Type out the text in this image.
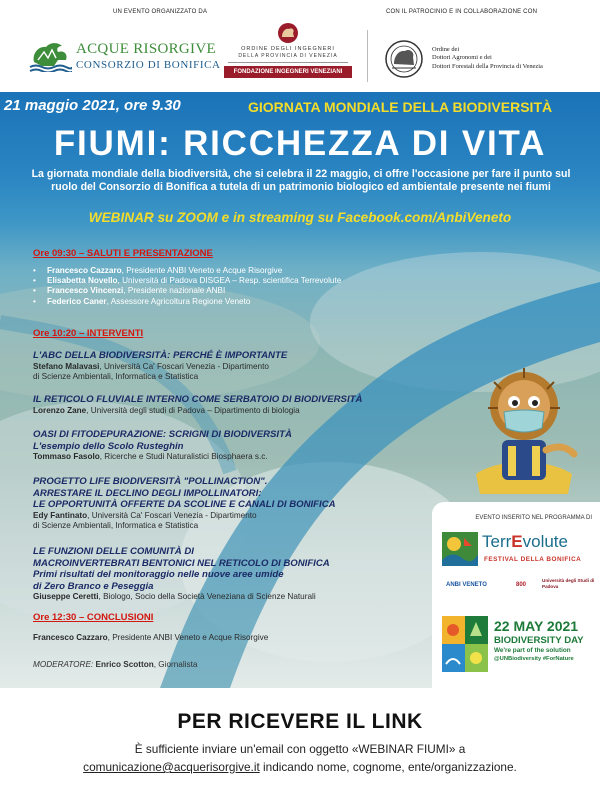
UN EVENTO ORGANIZZATO DA	CON IL PATROCINIO E IN COLLABORAZIONE CON
ACQUE RISORGIVE
CONSORZIO DI BONIFICA
ORDINE DEGLI INGEGNERI
DELLA PROVINCIA DI VENEZIA
FONDAZIONE INGEGNERI VENEZIANI
Ordine dei
Dottori Agronomi e dei
Dottori Forestali della Provincia di Venezia
21 maggio 2021, ore 9.30	GIORNATA MONDIALE DELLA BIODIVERSITÀ
FIUMI: RICCHEZZA DI VITA
La giornata mondiale della biodiversità, che si celebra il 22 maggio, ci offre l'occasione per fare il punto sul ruolo del Consorzio di Bonifica a tutela di un patrimonio biologico ed ambientale presente nei fiumi
WEBINAR su ZOOM e in streaming su Facebook.com/AnbiVeneto
Ore 09:30 – SALUTI E PRESENTAZIONE
• Francesco Cazzaro, Presidente ANBI Veneto e Acque Risorgive
• Elisabetta Novello, Università di Padova DISGEA – Resp. scientifica Terrevolute
• Francesco Vincenzi, Presidente nazionale ANBI
• Federico Caner, Assessore Agricoltura Regione Veneto
Ore 10:20 – INTERVENTI
L'ABC DELLA BIODIVERSITÀ: PERCHÉ È IMPORTANTE
Stefano Malavasi, Università Ca' Foscari Venezia - Dipartimento
di Scienze Ambientali, Informatica e Statistica
IL RETICOLO FLUVIALE INTERNO COME SERBATOIO DI BIODIVERSITÀ
Lorenzo Zane, Università degli studi di Padova – Dipartimento di biologia
OASI DI FITODEPURAZIONE: SCRIGNI DI BIODIVERSITÀ
L'esempio dello Scolo Rusteghin
Tommaso Fasolo, Ricerche e Studi Naturalistici Biosphaera s.c.
PROGETTO LIFE BIODIVERSITÀ "POLLINACTION".
ARRESTARE IL DECLINO DEGLI IMPOLLINATORI:
LE OPPORTUNITÀ OFFERTE DA SCOLINE E CANALI DI BONIFICA
Edy Fantinato, Università Ca' Foscari Venezia - Dipartimento
di Scienze Ambientali, Informatica e Statistica
LE FUNZIONI DELLE COMUNITÀ DI
MACROINVERTEBRATI BENTONICI NEL RETICOLO DI BONIFICA
Primi risultati del monitoraggio nelle nuove aree umide
di Zero Branco e Peseggia
Giuseppe Ceretti, Biologo, Socio della Società Veneziana di Scienze Naturali
Ore 12:30 – CONCLUSIONI
Francesco Cazzaro, Presidente ANBI Veneto e Acque Risorgive
MODERATORE: Enrico Scotton, Giornalista
EVENTO INSERITO NEL PROGRAMMA DI
TerrEvolute
FESTIVAL DELLA BONIFICA
ANBI VENETO	800
Università degli Studi di Padova
22 MAY 2021
BIODIVERSITY DAY
We're part of the solution
@UNBiodiversity #ForNature
PER RICEVERE IL LINK
È sufficiente inviare un'email con oggetto «WEBINAR FIUMI» a
comunicazione@acquerisorgive.it indicando nome, cognome, ente/organizzazione.
